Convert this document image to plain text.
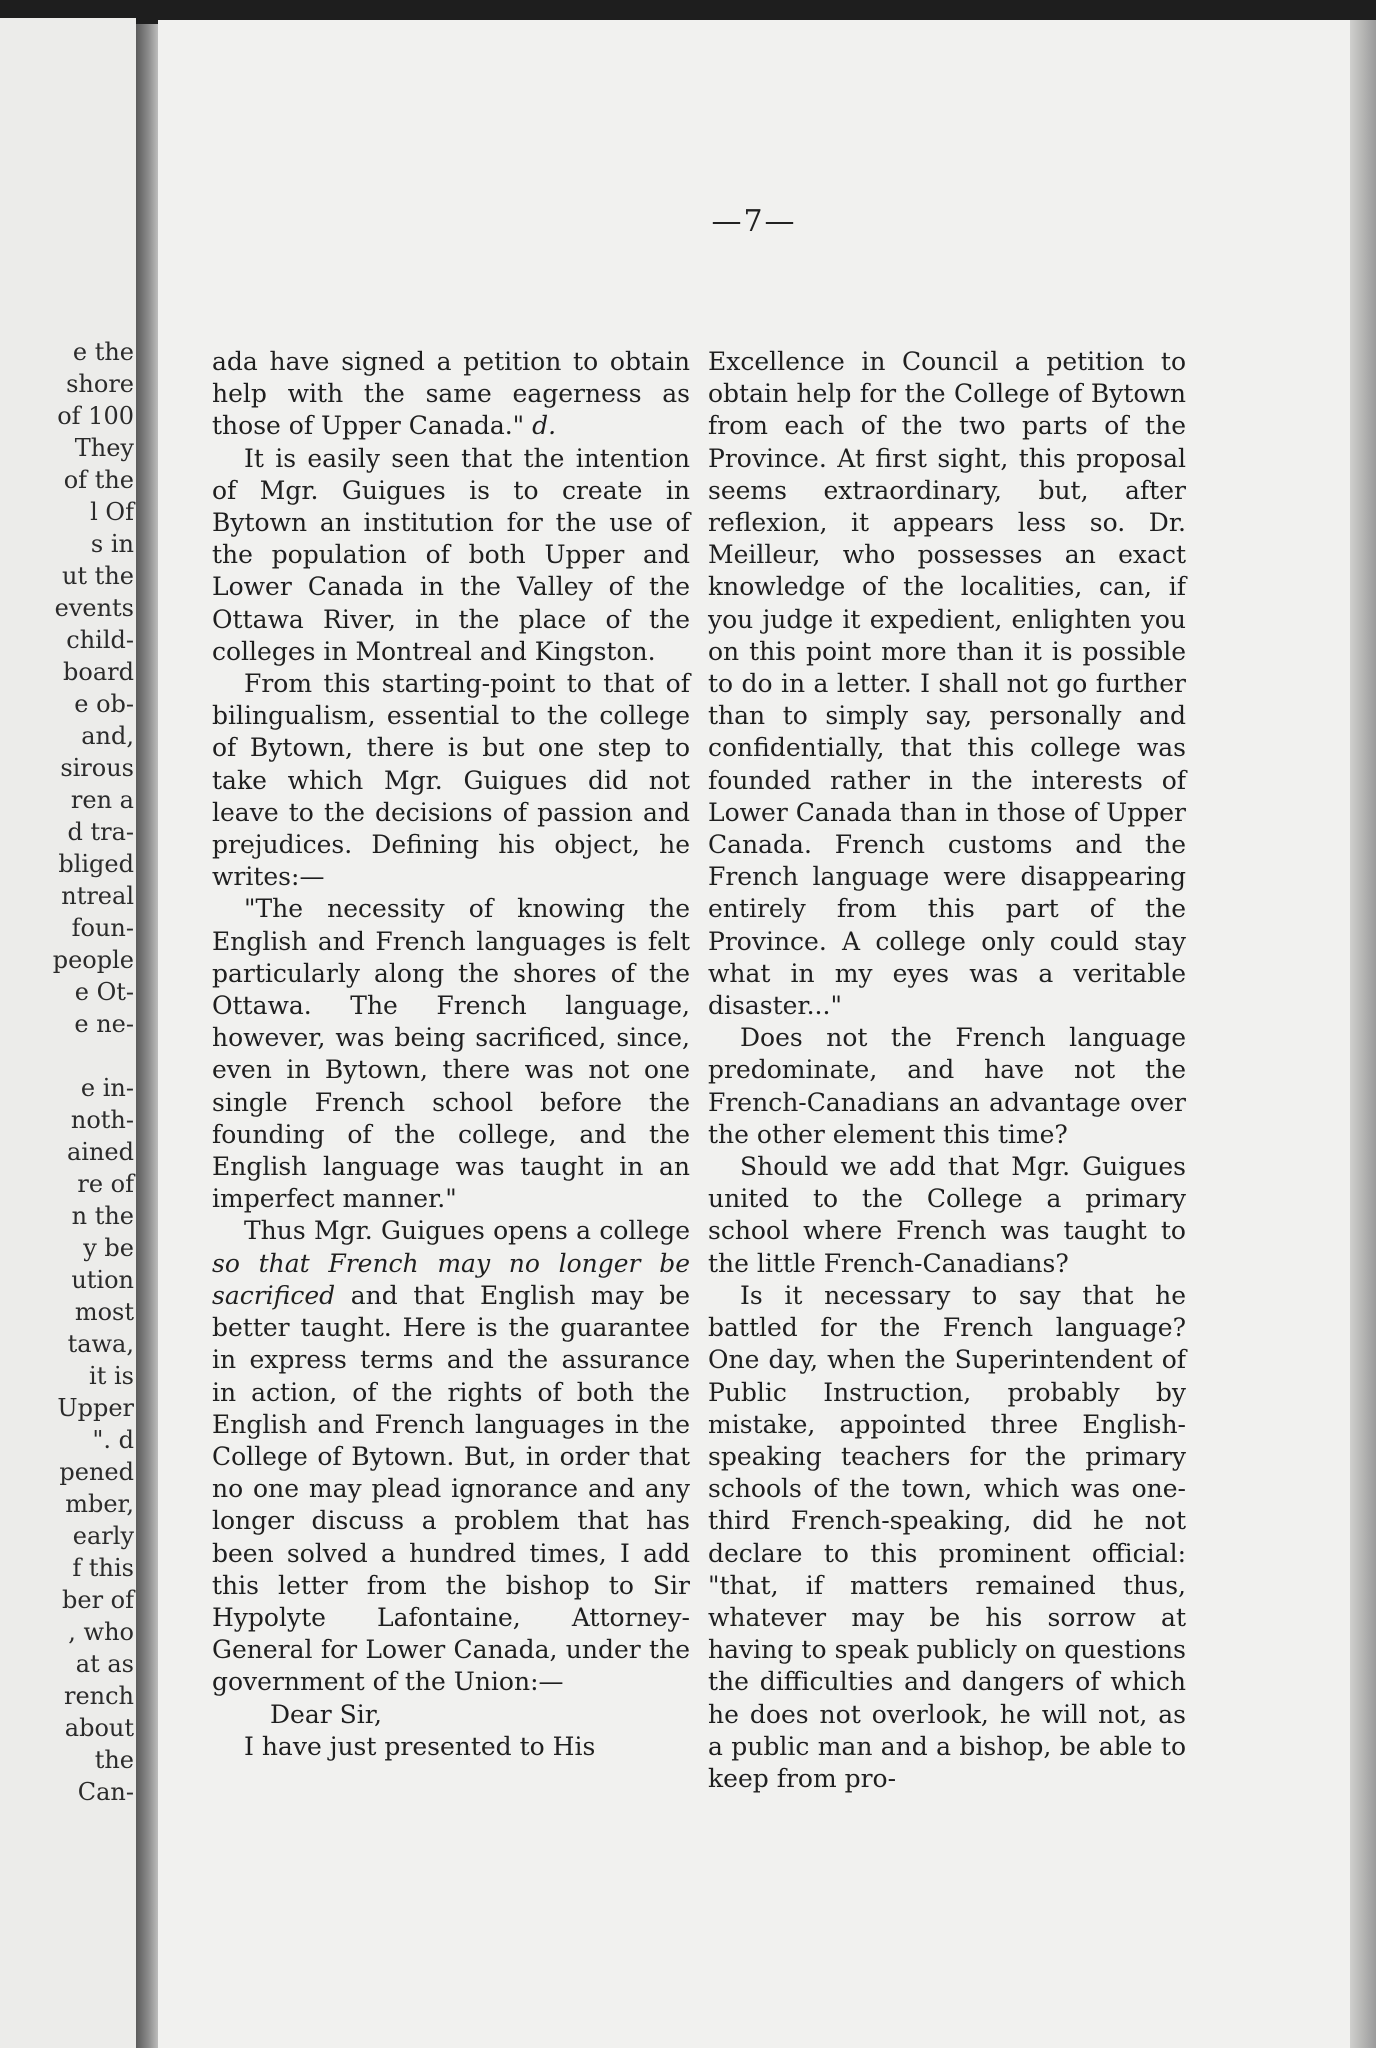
e the
shore
of 100
They
of the
l Of
s in
ut the
events
child-
board
e ob-
and,
sirous
ren a
d tra-
bliged
ntreal
foun-
people
e Ot-
e ne-
e in-
noth-
ained
re of
n the
y be
ution
most
tawa,
it is
Upper
". d
pened
mber,
early
f this
ber of
, who
at as
rench
about
the
Can-
—7—

ada have signed a petition to obtain help with the same eagerness as those of Upper Canada." d.

It is easily seen that the intention of Mgr. Guigues is to create in Bytown an institution for the use of the population of both Upper and Lower Canada in the Valley of the Ottawa River, in the place of the colleges in Montreal and Kingston.

From this starting-point to that of bilingualism, essential to the college of Bytown, there is but one step to take which Mgr. Guigues did not leave to the decisions of passion and prejudices. Defining his object, he writes:—

"The necessity of knowing the English and French languages is felt particularly along the shores of the Ottawa. The French language, however, was being sacrificed, since, even in Bytown, there was not one single French school before the founding of the college, and the English language was taught in an imperfect manner."

Thus Mgr. Guigues opens a college so that French may no longer be sacrificed and that English may be better taught. Here is the guarantee in express terms and the assurance in action, of the rights of both the English and French languages in the College of Bytown. But, in order that no one may plead ignorance and any longer discuss a problem that has been solved a hundred times, I add this letter from the bishop to Sir Hypolyte Lafontaine, Attorney-General for Lower Canada, under the government of the Union:—

Dear Sir,

I have just presented to His

Excellence in Council a petition to obtain help for the College of Bytown from each of the two parts of the Province. At first sight, this proposal seems extraordinary, but, after reflexion, it appears less so. Dr. Meilleur, who possesses an exact knowledge of the localities, can, if you judge it expedient, enlighten you on this point more than it is possible to do in a letter. I shall not go further than to simply say, personally and confidentially, that this college was founded rather in the interests of Lower Canada than in those of Upper Canada. French customs and the French language were disappearing entirely from this part of the Province. A college only could stay what in my eyes was a veritable disaster..."

Does not the French language predominate, and have not the French-Canadians an advantage over the other element this time?

Should we add that Mgr. Guigues united to the College a primary school where French was taught to the little French-Canadians?

Is it necessary to say that he battled for the French language? One day, when the Superintendent of Public Instruction, probably by mistake, appointed three English-speaking teachers for the primary schools of the town, which was one-third French-speaking, did he not declare to this prominent official: "that, if matters remained thus, whatever may be his sorrow at having to speak publicly on questions the difficulties and dangers of which he does not overlook, he will not, as a public man and a bishop, be able to keep from pro-
